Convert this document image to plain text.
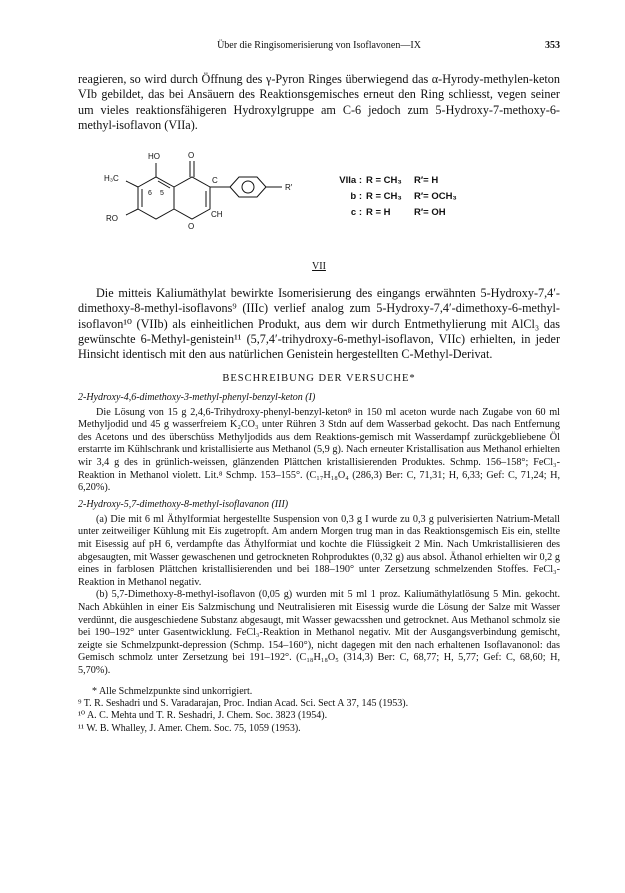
Über die Ringisomerisierung von Isoflavonen—IX	353

reagieren, so wird durch Öffnung des γ-Pyron Ringes überwiegend das α-Hyrody-methylen-keton VIb gebildet, das bei Ansäuern des Reaktionsgemisches erneut den Ring schliesst, vegen seiner um vieles reaktionsfähigeren Hydroxylgruppe am C-6 jedoch zum 5-Hydroxy-7-methoxy-6-methyl-isoflavon (VIIa).

HO	O
H₃C
6 5
C
RO
O
CH
R′
VIIa : R = CH₃ R′= H
b : R = CH₃ R′= OCH₃
c : R = H R′= OH
VII

Die mitteis Kaliumäthylat bewirkte Isomerisierung des eingangs erwähnten 5-Hydroxy-7,4′-dimethoxy-8-methyl-isoflavons⁹ (IIIc) verlief analog zum 5-Hydroxy-7,4′-dimethoxy-6-methyl-isoflavon¹⁰ (VIIb) als einheitlichen Produkt, aus dem wir durch Entmethylierung mit AlCl₃ das gewünschte 6-Methyl-genistein¹¹ (5,7,4′-trihydroxy-6-methyl-isoflavon, VIIc) erhielten, in jeder Hinsicht identisch mit den aus natürlichen Genistein hergestellten C-Methyl-Derivat.

BESCHREIBUNG DER VERSUCHE*
2-Hydroxy-4,6-dimethoxy-3-methyl-phenyl-benzyl-keton (I)

Die Lösung von 15 g 2,4,6-Trihydroxy-phenyl-benzyl-keton⁸ in 150 ml aceton wurde nach Zugabe von 60 ml Methyljodid und 45 g wasserfreiem K₂CO₃ unter Rühren 3 Stdn auf dem Wasserbad gekocht. Das nach Entfernung des Acetons und des überschüss Methyljodids aus dem Reaktions-gemisch mit Wasserdampf zurückgebliebene Öl erstarrte im Kühlschrank und kristallisierte aus Methanol (5,9 g). Nach erneuter Kristallisation aus Methanol erhielten wir 3,4 g des in grünlich-weissen, glänzenden Plättchen kristallisierenden Produktes. Schmp. 156–158°; FeCl₃-Reaktion in Methanol violett. Lit.⁸ Schmp. 153–155°. (C₁₇H₁₈O₄ (286,3) Ber: C, 71,31; H, 6,33; Gef: C, 71,24; H, 6,20%).

2-Hydroxy-5,7-dimethoxy-8-methyl-isoflavanon (III)

(a) Die mit 6 ml Äthylformiat hergestellte Suspension von 0,3 g I wurde zu 0,3 g pulverisierten Natrium-Metall unter zeitweiliger Kühlung mit Eis zugetropft. Am andern Morgen trug man in das Reaktionsgemisch Eis ein, stellte mit Eisessig auf pH 6, verdampfte das Äthylformiat und kochte die Flüssigkeit 2 Min. Nach Umkristallisieren des abgesaugten, mit Wasser gewaschenen und getrockneten Rohproduktes (0,32 g) aus absol. Äthanol erhielten wir 0,2 g eines in farblosen Plättchen kristallisierenden und bei 188–190° unter Zersetzung schmelzenden Stoffes. FeCl₃-Reaktion in Methanol negativ.

(b) 5,7-Dimethoxy-8-methyl-isoflavon (0,05 g) wurden mit 5 ml 1 proz. Kaliumäthylatlösung 5 Min. gekocht. Nach Abkühlen in einer Eis Salzmischung und Neutralisieren mit Eisessig wurde die Lösung der Salze mit Wasser verdünnt, die ausgeschiedene Substanz abgesaugt, mit Wasser gewacsshen und getrocknet. Aus Methanol schmolz sie bei 190–192° unter Gasentwicklung. FeCl₃-Reaktion in Methanol negativ. Mit der Ausgangsverbindung gemischt, zeigte sie Schmelzpunkt-depression (Schmp. 154–160°), nicht dagegen mit den nach erhaltenen Isoflavanonol: das Gemisch schmolz unter Zersetzung bei 191–192°. (C₁₈H₁₈O₅ (314,3) Ber: C, 68,77; H, 5,77; Gef: C, 68,60; H, 5,70%).

* Alle Schmelzpunkte sind unkorrigiert.
⁹ T. R. Seshadri und S. Varadarajan, Proc. Indian Acad. Sci. Sect A 37, 145 (1953).
¹⁰ A. C. Mehta und T. R. Seshadri, J. Chem. Soc. 3823 (1954).
¹¹ W. B. Whalley, J. Amer. Chem. Soc. 75, 1059 (1953).
